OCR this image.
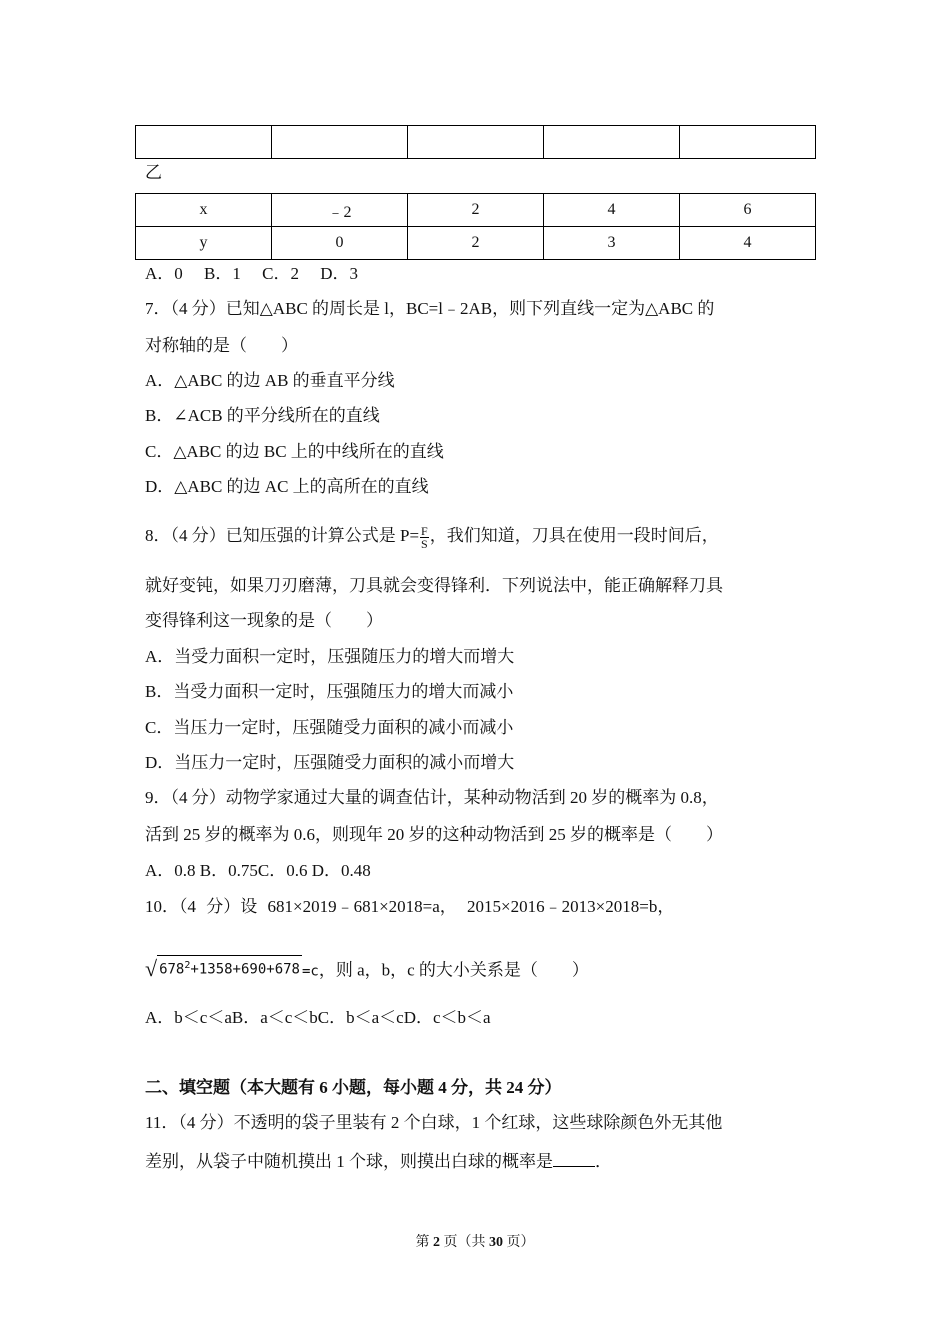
乙
x	﹣2	2	4	6
y	0	2	3	4
A．0　 B．1　 C．2　 D．3
7．（4 分）已知△ABC 的周长是 l，BC=l﹣2AB，则下列直线一定为△ABC 的
对称轴的是（　　）
A．△ABC 的边 AB 的垂直平分线
B．∠ACB 的平分线所在的直线
C．△ABC 的边 BC 上的中线所在的直线
D．△ABC 的边 AC 上的高所在的直线
8．（4 分）已知压强的计算公式是 $P= \frac{F}{S}$ ，我们知道，刀具在使用一段时间后，
就好变钝，如果刀刃磨薄，刀具就会变得锋利．下列说法中，能正确解释刀具
变得锋利这一现象的是（　　）
A．当受力面积一定时，压强随压力的增大而增大
B．当受力面积一定时，压强随压力的增大而减小
C．当压力一定时，压强随受力面积的减小而减小
D．当压力一定时，压强随受力面积的减小而增大
9．（4 分）动物学家通过大量的调查估计，某种动物活到 20 岁的概率为 0.8，
活到 25 岁的概率为 0.6，则现年 20 岁的这种动物活到 25 岁的概率是（　　）
A．0.8 B．0.75C．0.6 D．0.48
10．（4 分）设 681×2019﹣681×2018=a， 2015×2016﹣2013×2018=b，
√ $678^2+1358+690+678 =c$，则 a，b，c 的大小关系是（　　）
A．b＜c＜aB．a＜c＜bC．b＜a＜cD．c＜b＜a
二、填空题（本大题有 6 小题，每小题 4 分，共 24 分）
11．（4 分）不透明的袋子里装有 2 个白球，1 个红球，这些球除颜色外无其他
差别，从袋子中随机摸出 1 个球，则摸出白球的概率是 ．
第 2 页（共 30 页）
